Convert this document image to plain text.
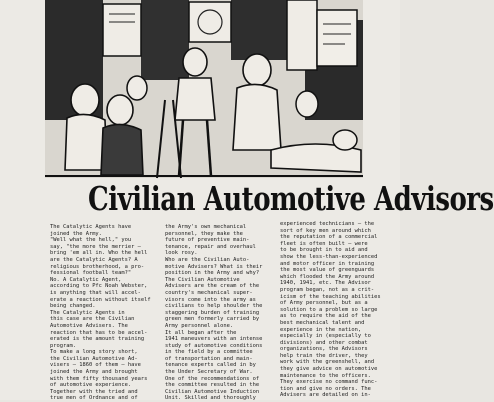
Civilian Automotive Advisors
The Catalytic Agents have
joined the Army.
"Well what the hell," you
say, "the more the merrier –
bring 'em all in. Who the hell
are the Catalytic Agents? A
religious brotherhood, a pro-
fessional football team?"
No. A Catalytic Agent,
according to Pfc Noah Webster,
is anything that will accel-
erate a reaction without itself
being changed.
The Catalytic Agents in
this case are the Civilian
Automotive Advisers. The
reaction that has to be accel-
erated is the amount training
program.
To make a long story short,
the Civilian Automotive Ad-
visers – 1860 of them – have
joined the Army and brought
with them fifty thousand years
of automotive experience.
Together with the tried and
true men of Ordnance and of
the Army's own mechanical
personnel, they make the
future of preventive main-
tenance, repair and overhaul
look rosy.
Who are the Civilian Auto-
motive Advisers? What is their
position in the Army and why?
The Civilian Automotive
Advisers are the cream of the
country's mechanical super-
visors come into the army as
civilians to help shoulder the
staggering burden of training
green men formerly carried by
Army personnel alone.
It all began after the
1941 maneuvers with an intense
study of automotive conditions
in the field by a committee
of transportation and main-
tenance experts called in by
the Under Secretary of War.
One of the recommendations of
the committee resulted in the
Civilian Automotive Induction
Unit. Skilled and thoroughly
experienced technicians – the
sort of key men around which
the reputation of a commercial
fleet is often built – were
to be brought in to aid and
show the less-than-experienced
and motor officer in training
the most value of greenguards
which flooded the Army around
1940, 1941, etc. The Advisor
program began, not as a crit-
icism of the teaching abilities
of Army personnel, but as a
solution to a problem so large
as to require the aid of the
best mechanical talent and
experience in the nation,
especially in (especially to
divisions) and other combat
organizations, the Advisors
help train the driver, they
work with the greenshell, and
they give advice on automotive
maintenance to the officers.
They exercise no command func-
tion and give no orders. The
Advisers are detailed on in-
